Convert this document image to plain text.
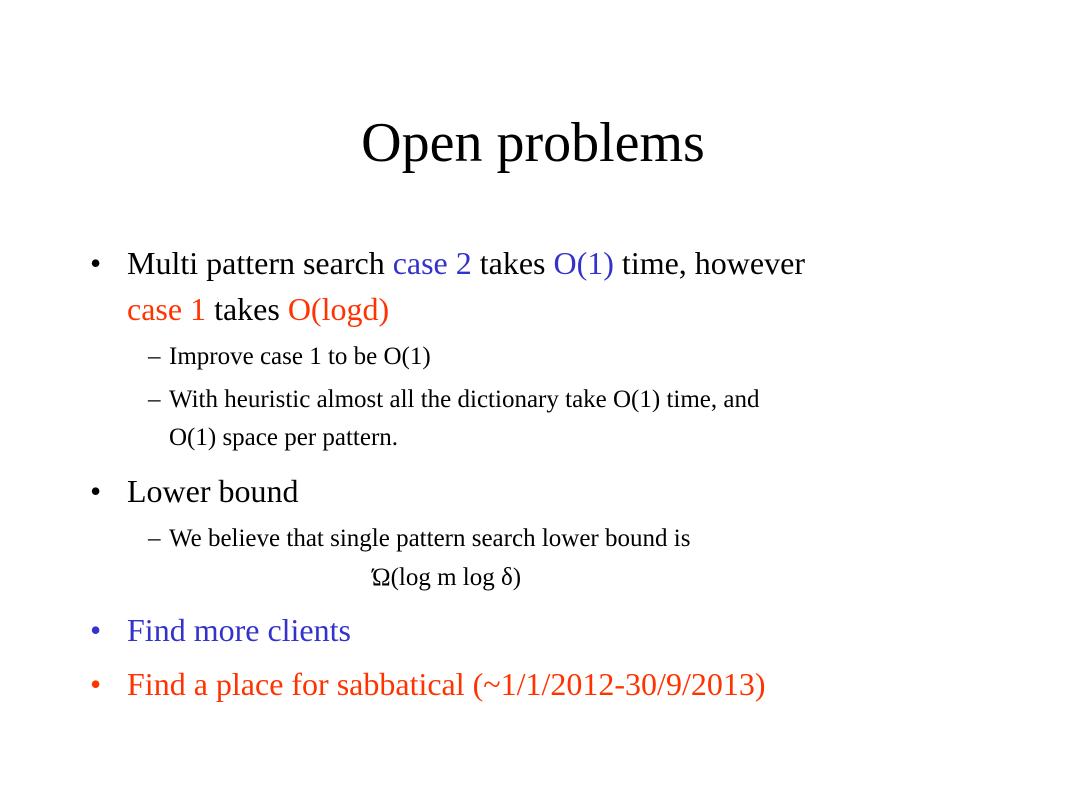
Open problems
• Multi pattern search case 2 takes O(1) time, however
case 1 takes O(logd)
– Improve case 1 to be O(1)
– With heuristic almost all the dictionary take O(1) time, and
O(1) space per pattern.
• Lower bound
– We believe that single pattern search lower bound is
Ώ(log m log δ)
• Find more clients
• Find a place for sabbatical (~1/1/2012-30/9/2013)
